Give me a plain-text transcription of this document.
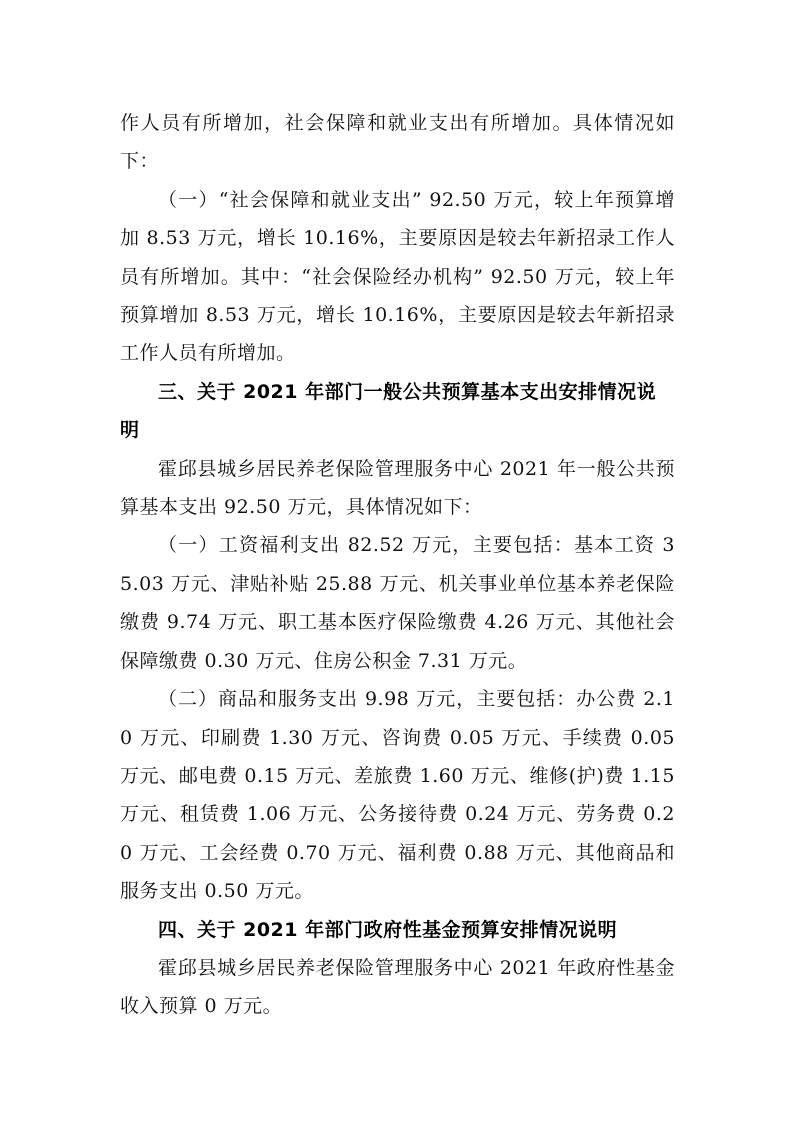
作人员有所增加，社会保障和就业支出有所增加。具体情况如下：

（一）“社会保障和就业支出” 92.50 万元，较上年预算增加 8.53 万元，增长 10.16%，主要原因是较去年新招录工作人员有所增加。其中：“社会保险经办机构” 92.50 万元，较上年预算增加 8.53 万元，增长 10.16%，主要原因是较去年新招录工作人员有所增加。

三、关于 2021 年部门一般公共预算基本支出安排情况说明

霍邱县城乡居民养老保险管理服务中心 2021 年一般公共预算基本支出 92.50 万元，具体情况如下：

（一）工资福利支出 82.52 万元，主要包括：基本工资 35.03 万元、津贴补贴 25.88 万元、机关事业单位基本养老保险缴费 9.74 万元、职工基本医疗保险缴费 4.26 万元、其他社会保障缴费 0.30 万元、住房公积金 7.31 万元。

（二）商品和服务支出 9.98 万元，主要包括：办公费 2.10 万元、印刷费 1.30 万元、咨询费 0.05 万元、手续费 0.05 万元、邮电费 0.15 万元、差旅费 1.60 万元、维修(护)费 1.15 万元、租赁费 1.06 万元、公务接待费 0.24 万元、劳务费 0.20 万元、工会经费 0.70 万元、福利费 0.88 万元、其他商品和服务支出 0.50 万元。

四、关于 2021 年部门政府性基金预算安排情况说明

霍邱县城乡居民养老保险管理服务中心 2021 年政府性基金收入预算 0 万元。
